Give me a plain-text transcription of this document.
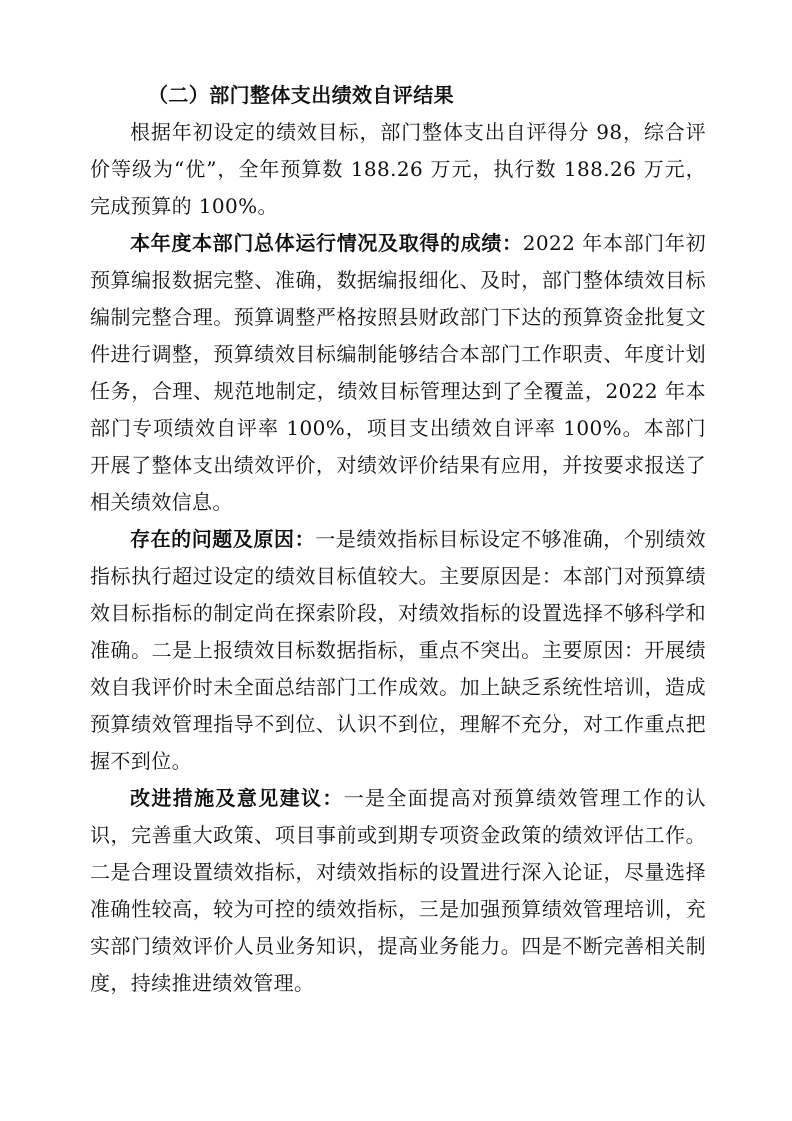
（二）部门整体支出绩效自评结果

根据年初设定的绩效目标，部门整体支出自评得分 98，综合评价等级为“优”，全年预算数 188.26 万元，执行数 188.26 万元，完成预算的 100%。

本年度本部门总体运行情况及取得的成绩：2022 年本部门年初预算编报数据完整、准确，数据编报细化、及时，部门整体绩效目标编制完整合理。预算调整严格按照县财政部门下达的预算资金批复文件进行调整，预算绩效目标编制能够结合本部门工作职责、年度计划任务，合理、规范地制定，绩效目标管理达到了全覆盖，2022 年本部门专项绩效自评率 100%，项目支出绩效自评率 100%。本部门开展了整体支出绩效评价，对绩效评价结果有应用，并按要求报送了相关绩效信息。

存在的问题及原因：一是绩效指标目标设定不够准确，个别绩效指标执行超过设定的绩效目标值较大。主要原因是：本部门对预算绩效目标指标的制定尚在探索阶段，对绩效指标的设置选择不够科学和准确。二是上报绩效目标数据指标，重点不突出。主要原因：开展绩效自我评价时未全面总结部门工作成效。加上缺乏系统性培训，造成预算绩效管理指导不到位、认识不到位，理解不充分，对工作重点把握不到位。

改进措施及意见建议：一是全面提高对预算绩效管理工作的认识，完善重大政策、项目事前或到期专项资金政策的绩效评估工作。二是合理设置绩效指标，对绩效指标的设置进行深入论证，尽量选择准确性较高，较为可控的绩效指标，三是加强预算绩效管理培训，充实部门绩效评价人员业务知识，提高业务能力。四是不断完善相关制度，持续推进绩效管理。
